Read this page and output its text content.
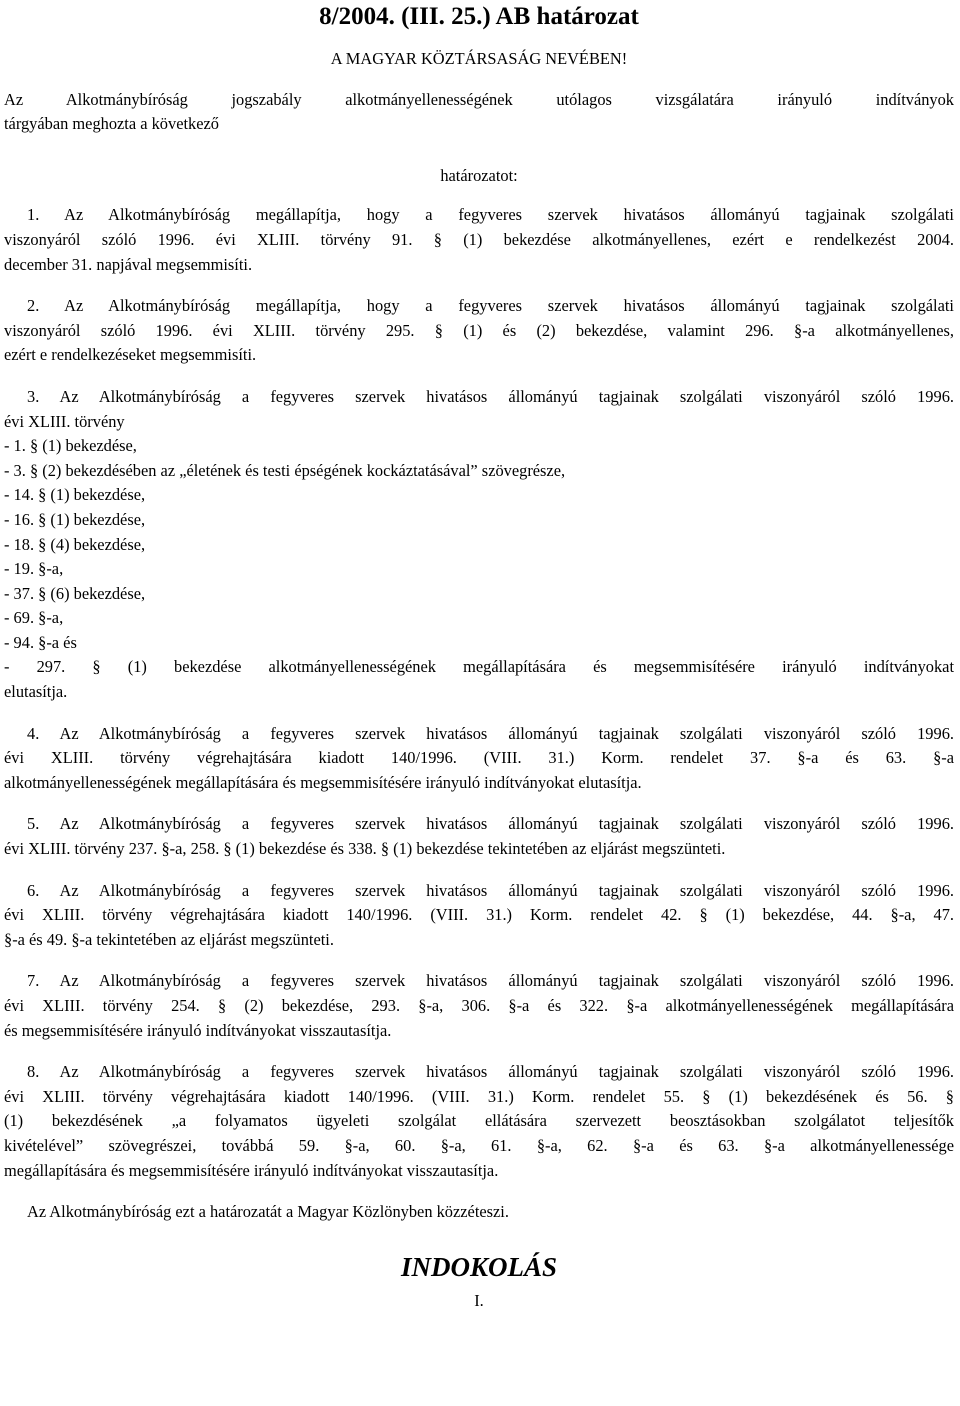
8/2004. (III. 25.) AB határozat
A MAGYAR KÖZTÁRSASÁG NEVÉBEN!

Az Alkotmánybíróság jogszabály alkotmányellenességének utólagos vizsgálatára irányuló indítványok

tárgyában meghozta a következő

határozatot:

1. Az Alkotmánybíróság megállapítja, hogy a fegyveres szervek hivatásos állományú tagjainak szolgálati

viszonyáról szóló 1996. évi XLIII. törvény 91. § (1) bekezdése alkotmányellenes, ezért e rendelkezést 2004.

december 31. napjával megsemmisíti.

2. Az Alkotmánybíróság megállapítja, hogy a fegyveres szervek hivatásos állományú tagjainak szolgálati

viszonyáról szóló 1996. évi XLIII. törvény 295. § (1) és (2) bekezdése, valamint 296. §-a alkotmányellenes,

ezért e rendelkezéseket megsemmisíti.

3. Az Alkotmánybíróság a fegyveres szervek hivatásos állományú tagjainak szolgálati viszonyáról szóló 1996.

évi XLIII. törvény

- 1. § (1) bekezdése,

- 3. § (2) bekezdésében az „életének és testi épségének kockáztatásával” szövegrésze,

- 14. § (1) bekezdése,

- 16. § (1) bekezdése,

- 18. § (4) bekezdése,

- 19. §-a,

- 37. § (6) bekezdése,

- 69. §-a,

- 94. §-a és

- 297. § (1) bekezdése alkotmányellenességének megállapítására és megsemmisítésére irányuló indítványokat

elutasítja.

4. Az Alkotmánybíróság a fegyveres szervek hivatásos állományú tagjainak szolgálati viszonyáról szóló 1996.

évi XLIII. törvény végrehajtására kiadott 140/1996. (VIII. 31.) Korm. rendelet 37. §-a és 63. §-a

alkotmányellenességének megállapítására és megsemmisítésére irányuló indítványokat elutasítja.

5. Az Alkotmánybíróság a fegyveres szervek hivatásos állományú tagjainak szolgálati viszonyáról szóló 1996.

évi XLIII. törvény 237. §-a, 258. § (1) bekezdése és 338. § (1) bekezdése tekintetében az eljárást megszünteti.

6. Az Alkotmánybíróság a fegyveres szervek hivatásos állományú tagjainak szolgálati viszonyáról szóló 1996.

évi XLIII. törvény végrehajtására kiadott 140/1996. (VIII. 31.) Korm. rendelet 42. § (1) bekezdése, 44. §-a, 47.

§-a és 49. §-a tekintetében az eljárást megszünteti.

7. Az Alkotmánybíróság a fegyveres szervek hivatásos állományú tagjainak szolgálati viszonyáról szóló 1996.

évi XLIII. törvény 254. § (2) bekezdése, 293. §-a, 306. §-a és 322. §-a alkotmányellenességének megállapítására

és megsemmisítésére irányuló indítványokat visszautasítja.

8. Az Alkotmánybíróság a fegyveres szervek hivatásos állományú tagjainak szolgálati viszonyáról szóló 1996.

évi XLIII. törvény végrehajtására kiadott 140/1996. (VIII. 31.) Korm. rendelet 55. § (1) bekezdésének és 56. §

(1) bekezdésének „a folyamatos ügyeleti szolgálat ellátására szervezett beosztásokban szolgálatot teljesítők

kivételével” szövegrészei, továbbá 59. §-a, 60. §-a, 61. §-a, 62. §-a és 63. §-a alkotmányellenessége

megállapítására és megsemmisítésére irányuló indítványokat visszautasítja.

Az Alkotmánybíróság ezt a határozatát a Magyar Közlönyben közzéteszi.

INDOKOLÁS
I.
